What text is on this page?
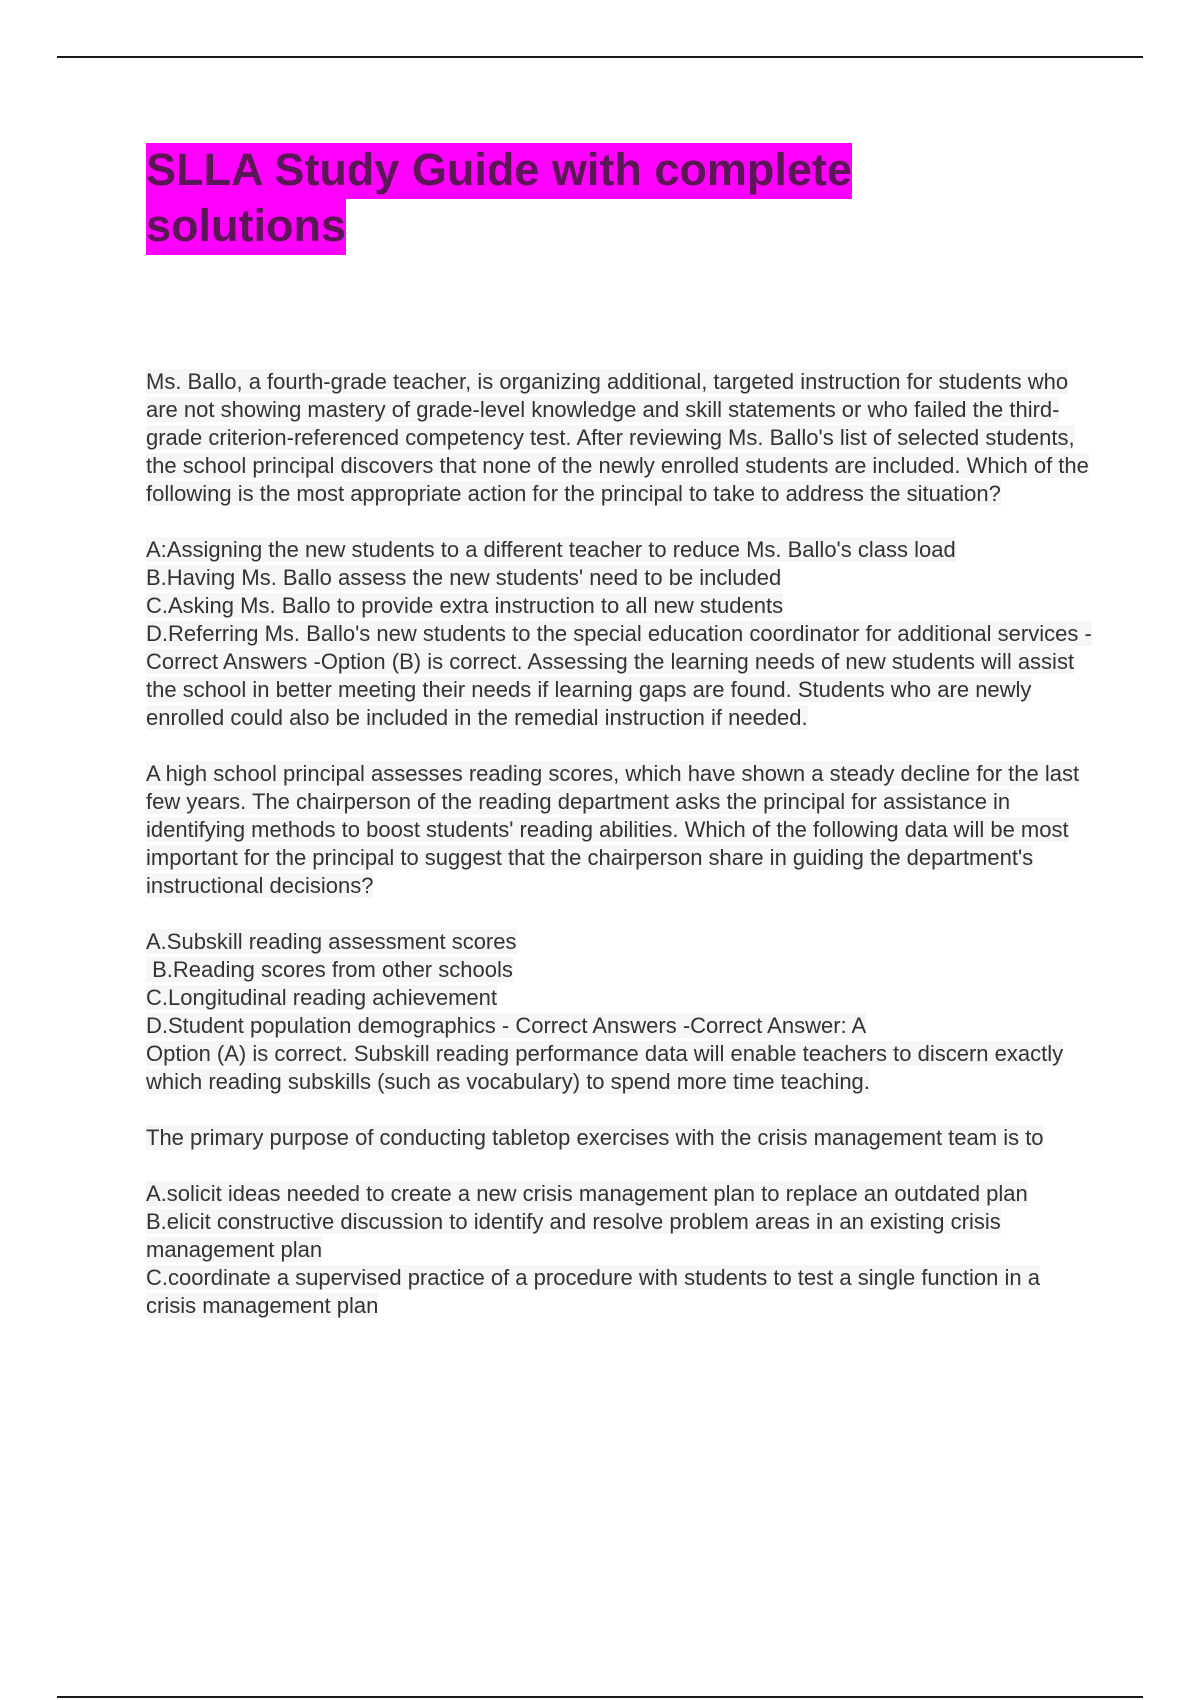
SLLA Study Guide with complete solutions

Ms. Ballo, a fourth-grade teacher, is organizing additional, targeted instruction for students who are not showing mastery of grade-level knowledge and skill statements or who failed the third-grade criterion-referenced competency test. After reviewing Ms. Ballo's list of selected students, the school principal discovers that none of the newly enrolled students are included. Which of the following is the most appropriate action for the principal to take to address the situation?

A:Assigning the new students to a different teacher to reduce Ms. Ballo's class load

B.Having Ms. Ballo assess the new students' need to be included

C.Asking Ms. Ballo to provide extra instruction to all new students

D.Referring Ms. Ballo's new students to the special education coordinator for additional services - Correct Answers -Option (B) is correct. Assessing the learning needs of new students will assist the school in better meeting their needs if learning gaps are found. Students who are newly enrolled could also be included in the remedial instruction if needed.

A high school principal assesses reading scores, which have shown a steady decline for the last few years. The chairperson of the reading department asks the principal for assistance in identifying methods to boost students' reading abilities. Which of the following data will be most important for the principal to suggest that the chairperson share in guiding the department's instructional decisions?

A.Subskill reading assessment scores

B.Reading scores from other schools

C.Longitudinal reading achievement

D.Student population demographics - Correct Answers -Correct Answer: A

Option (A) is correct. Subskill reading performance data will enable teachers to discern exactly which reading subskills (such as vocabulary) to spend more time teaching.

The primary purpose of conducting tabletop exercises with the crisis management team is to

A.solicit ideas needed to create a new crisis management plan to replace an outdated plan

B.elicit constructive discussion to identify and resolve problem areas in an existing crisis management plan

C.coordinate a supervised practice of a procedure with students to test a single function in a crisis management plan
